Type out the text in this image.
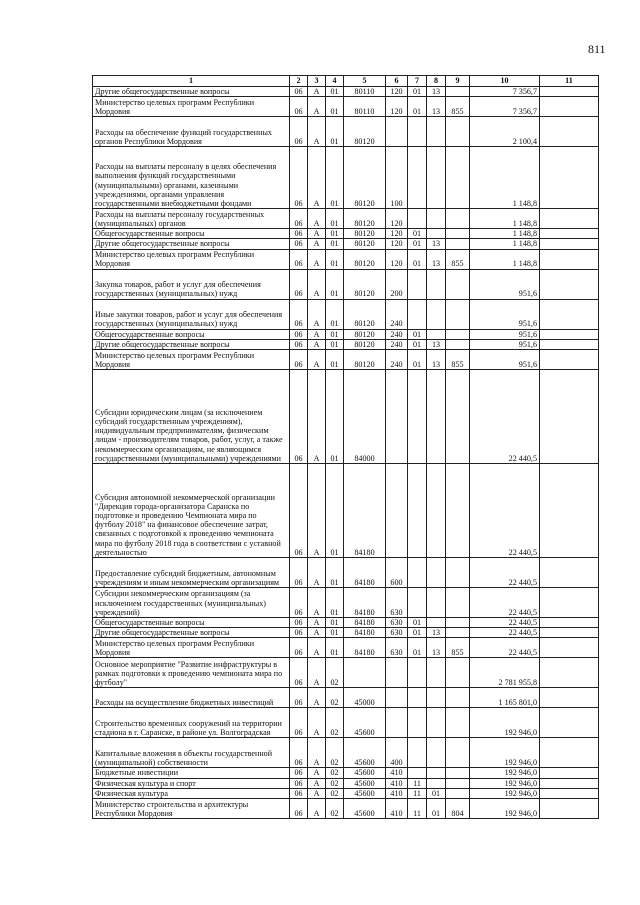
811
1	2	3	4	5	6	7	8	9	10	11
Другие общегосударственные вопросы	06	А	01	80110	120	01	13		7 356,7	
Министерство целевых программ Республики Мордовия	06	А	01	80110	120	01	13	855	7 356,7	
Расходы на обеспечение функций государственных органов Республики Мордовия	06	А	01	80120					2 100,4	
Расходы на выплаты персоналу в целях обеспечения выполнения функций государственными (муниципальными) органами, казенными учреждениями, органами управления государственными внебюджетными фондами	06	А	01	80120	100				1 148,8	
Расходы на выплаты персоналу государственных (муниципальных) органов	06	А	01	80120	120				1 148,8	
Общегосударственные вопросы	06	А	01	80120	120	01			1 148,8	
Другие общегосударственные вопросы	06	А	01	80120	120	01	13		1 148,8	
Министерство целевых программ Республики Мордовия	06	А	01	80120	120	01	13	855	1 148,8	
Закупка товаров, работ и услуг для обеспечения государственных (муниципальных) нужд	06	А	01	80120	200				951,6	
Иные закупки товаров, работ и услуг для обеспечения государственных (муниципальных) нужд	06	А	01	80120	240				951,6	
Общегосударственные вопросы	06	А	01	80120	240	01			951,6	
Другие общегосударственные вопросы	06	А	01	80120	240	01	13		951,6	
Министерство целевых программ Республики Мордовия	06	А	01	80120	240	01	13	855	951,6	
Субсидии юридическим лицам (за исключением субсидий государственным учреждениям), индивидуальным предпринимателям, физическим лицам - производителям товаров, работ, услуг, а также некоммерческим организациям, не являющимся государственными (муниципальными) учреждениями	06	А	01	84000					22 440,5	
Субсидия автономной некоммерческой организации "Дирекция города-организатора Саранска по подготовке и проведению Чемпионата мира по футболу 2018" на финансовое обеспечение затрат, связанных с подготовкой к проведению чемпионата мира по футболу 2018 года в соответствии с уставной деятельностью	06	А	01	84180					22 440,5	
Предоставление субсидий бюджетным, автономным учреждениям и иным некоммерческим организациям	06	А	01	84180	600				22 440,5	
Субсидии некоммерческим организациям (за исключением государственных (муниципальных) учреждений)	06	А	01	84180	630				22 440,5	
Общегосударственные вопросы	06	А	01	84180	630	01			22 440,5	
Другие общегосударственные вопросы	06	А	01	84180	630	01	13		22 440,5	
Министерство целевых программ Республики Мордовия	06	А	01	84180	630	01	13	855	22 440,5	
Основное мероприятие "Развитие инфраструктуры в рамках подготовки к проведению чемпионата мира по футболу"	06	А	02						2 781 955,8	
Расходы на осуществление бюджетных инвестиций	06	А	02	45000					1 165 801,0	
Строительство временных сооружений на территории стадиона в г. Саранске, в районе ул. Волгоградская	06	А	02	45600					192 946,0	
Капитальные вложения в объекты государственной (муниципальной) собственности	06	А	02	45600	400				192 946,0	
Бюджетные инвестиции	06	А	02	45600	410				192 946,0	
Физическая культура и спорт	06	А	02	45600	410	11			192 946,0	
Физическая культура	06	А	02	45600	410	11	01		192 946,0	
Министерство строительства и архитектуры Республики Мордовия	06	А	02	45600	410	11	01	804	192 946,0	
